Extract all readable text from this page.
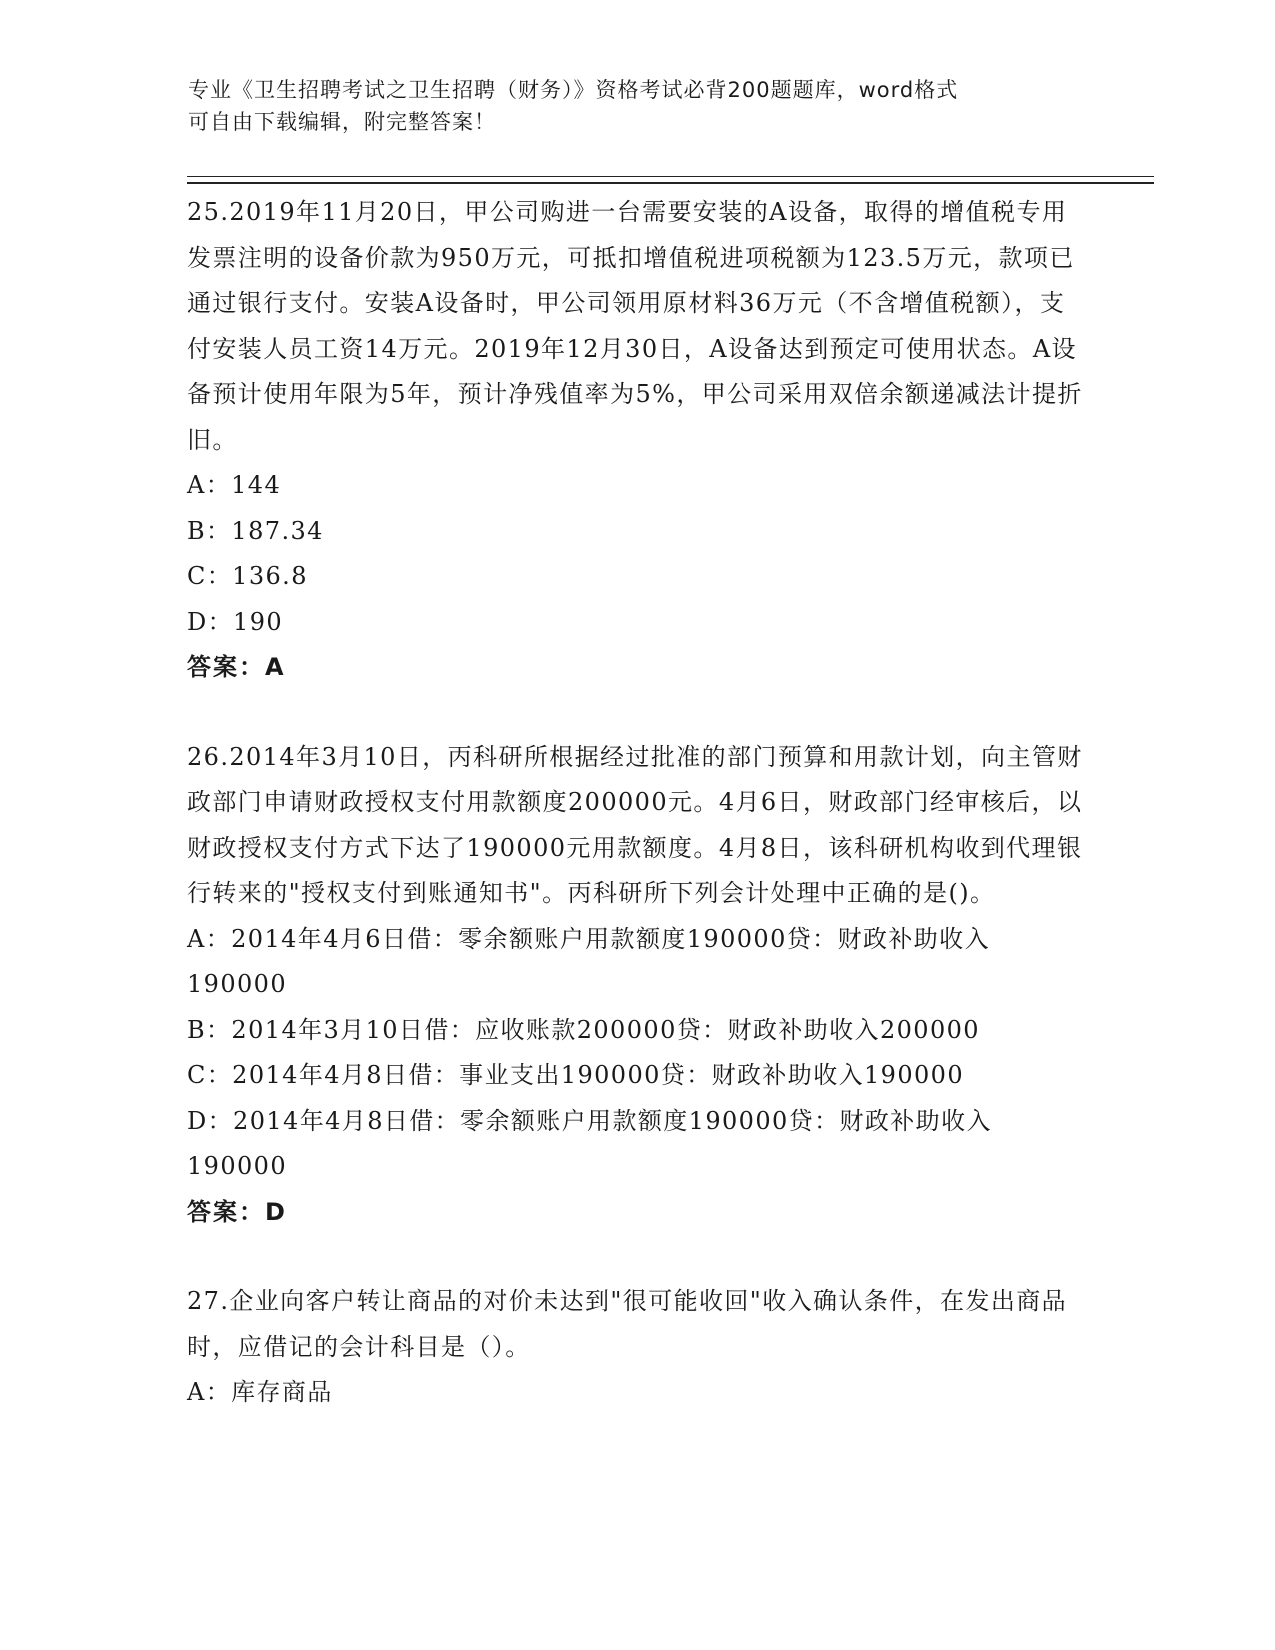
专业《卫生招聘考试之卫生招聘（财务）》资格考试必背200题题库，word格式
可自由下载编辑，附完整答案！

25.2019年11月20日，甲公司购进一台需要安装的A设备，取得的增值税专用发票注明的设备价款为950万元，可抵扣增值税进项税额为123.5万元，款项已通过银行支付。安装A设备时，甲公司领用原材料36万元（不含增值税额），支付安装人员工资14万元。2019年12月30日，A设备达到预定可使用状态。A设备预计使用年限为5年，预计净残值率为5%，甲公司采用双倍余额递减法计提折旧。

A：144

B：187.34

C：136.8

D：190

答案：A

26.2014年3月10日，丙科研所根据经过批准的部门预算和用款计划，向主管财政部门申请财政授权支付用款额度200000元。4月6日，财政部门经审核后，以财政授权支付方式下达了190000元用款额度。4月8日，该科研机构收到代理银行转来的"授权支付到账通知书"。丙科研所下列会计处理中正确的是()。

A：2014年4月6日借：零余额账户用款额度190000贷：财政补助收入190000

B：2014年3月10日借：应收账款200000贷：财政补助收入200000

C：2014年4月8日借：事业支出190000贷：财政补助收入190000

D：2014年4月8日借：零余额账户用款额度190000贷：财政补助收入190000

答案：D

27.企业向客户转让商品的对价未达到"很可能收回"收入确认条件，在发出商品时，应借记的会计科目是（）。

A：库存商品
